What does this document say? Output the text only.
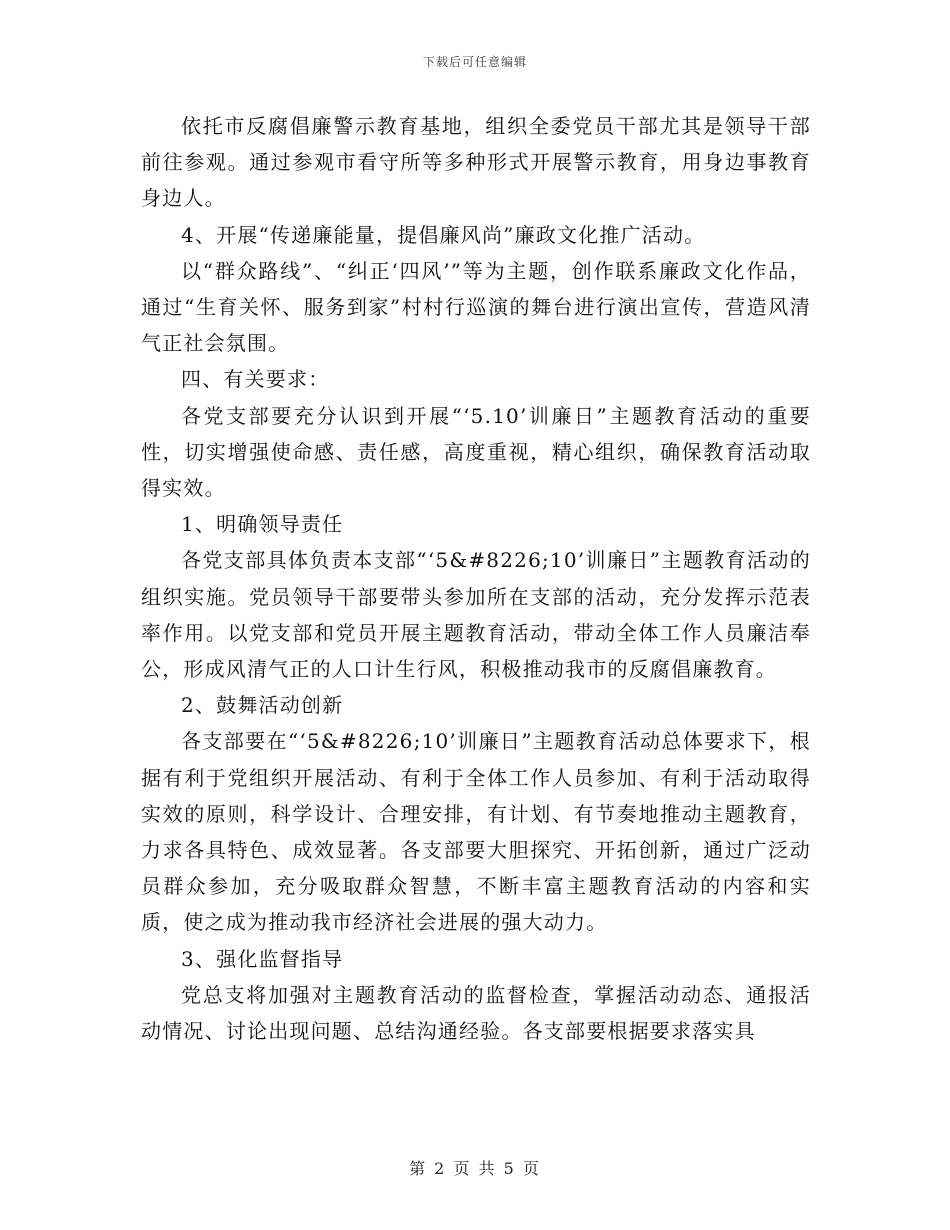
下载后可任意编辑

依托市反腐倡廉警示教育基地，组织全委党员干部尤其是领导干部前往参观。通过参观市看守所等多种形式开展警示教育，用身边事教育身边人。

4、开展“传递廉能量，提倡廉风尚”廉政文化推广活动。

以“群众路线”、“纠正‘四风’”等为主题，创作联系廉政文化作品，通过“生育关怀、服务到家”村村行巡演的舞台进行演出宣传，营造风清气正社会氛围。

四、有关要求：

各党支部要充分认识到开展“‘5.10’训廉日”主题教育活动的重要性，切实增强使命感、责任感，高度重视，精心组织，确保教育活动取得实效。

1、明确领导责任

各党支部具体负责本支部“‘5&#8226;10’训廉日”主题教育活动的组织实施。党员领导干部要带头参加所在支部的活动，充分发挥示范表率作用。以党支部和党员开展主题教育活动，带动全体工作人员廉洁奉公，形成风清气正的人口计生行风，积极推动我市的反腐倡廉教育。

2、鼓舞活动创新

各支部要在“‘5&#8226;10’训廉日”主题教育活动总体要求下，根据有利于党组织开展活动、有利于全体工作人员参加、有利于活动取得实效的原则，科学设计、合理安排，有计划、有节奏地推动主题教育，力求各具特色、成效显著。各支部要大胆探究、开拓创新，通过广泛动员群众参加，充分吸取群众智慧，不断丰富主题教育活动的内容和实质，使之成为推动我市经济社会进展的强大动力。

3、强化监督指导

党总支将加强对主题教育活动的监督检查，掌握活动动态、通报活动情况、讨论出现问题、总结沟通经验。各支部要根据要求落实具

第 2 页 共 5 页
